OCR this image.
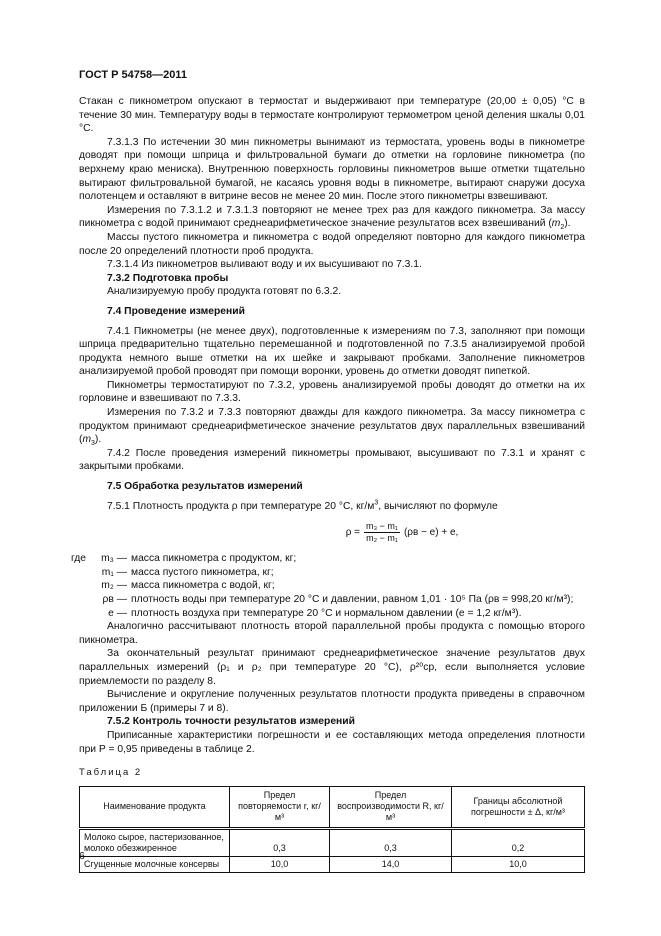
ГОСТ Р 54758—2011

Стакан с пикнометром опускают в термостат и выдерживают при температуре (20,00 ± 0,05) °С в течение 30 мин. Температуру воды в термостате контролируют термометром ценой деления шкалы 0,01 °С.

7.3.1.3 По истечении 30 мин пикнометры вынимают из термостата, уровень воды в пикнометре доводят при помощи шприца и фильтровальной бумаги до отметки на горловине пикнометра (по верхнему краю мениска). Внутреннюю поверхность горловины пикнометров выше отметки тщательно вытирают фильтровальной бумагой, не касаясь уровня воды в пикнометре, вытирают снаружи досуха полотенцем и оставляют в витрине весов не менее 20 мин. После этого пикнометры взвешивают.

Измерения по 7.3.1.2 и 7.3.1.3 повторяют не менее трех раз для каждого пикнометра. За массу пикнометра с водой принимают среднеарифметическое значение результатов всех взвешиваний $(m_2)$.

Массы пустого пикнометра и пикнометра с водой определяют повторно для каждого пикнометра после 20 определений плотности проб продукта.

7.3.1.4 Из пикнометров выливают воду и их высушивают по 7.3.1.

7.3.2 Подготовка пробы

Анализируемую пробу продукта готовят по 6.3.2.

7.4 Проведение измерений

7.4.1 Пикнометры (не менее двух), подготовленные к измерениям по 7.3, заполняют при помощи шприца предварительно тщательно перемешанной и подготовленной по 7.3.5 анализируемой пробой продукта немного выше отметки на их шейке и закрывают пробками. Заполнение пикнометров анализируемой пробой проводят при помощи воронки, уровень до отметки доводят пипеткой.

Пикнометры термостатируют по 7.3.2, уровень анализируемой пробы доводят до отметки на их горловине и взвешивают по 7.3.3.

Измерения по 7.3.2 и 7.3.3 повторяют дважды для каждого пикнометра. За массу пикнометра с продуктом принимают среднеарифметическое значение результатов двух параллельных взвешиваний $(m_3)$.

7.4.2 После проведения измерений пикнометры промывают, высушивают по 7.3.1 и хранят с закрытыми пробками.

7.5 Обработка результатов измерений

7.5.1 Плотность продукта ρ при температуре 20 °С, $кг/м^3$, вычисляют по формуле

$\rho = \frac{\text{m₃ − m₁}}{\text{m₂ − m₁}} (\rho в - e) + e$,
где m₃ — масса пикнометра с продуктом, кг;
m₁ — масса пустого пикнометра, кг;
m₂ — масса пикнометра с водой, кг;
ρв — плотность воды при температуре 20 °С и давлении, равном 1,01 · 10⁵ Па (ρв = 998,20 кг/м³);
e — плотность воздуха при температуре 20 °С и нормальном давлении (e = 1,2 кг/м³).

Аналогично рассчитывают плотность второй параллельной пробы продукта с помощью второго пикнометра.

За окончательный результат принимают среднеарифметическое значение результатов двух параллельных измерений (ρ₁ и ρ₂ при температуре 20 °С), ρ²⁰ср, если выполняется условие приемлемости по разделу 8.

Вычисление и округление полученных результатов плотности продукта приведены в справочном приложении Б (примеры 7 и 8).

7.5.2 Контроль точности результатов измерений

Приписанные характеристики погрешности и ее составляющих метода определения плотности при P = 0,95 приведены в таблице 2.

Таблица 2
Наименование продукта	Предел повторяемости r, кг/м³	Предел воспроизводимости R, кг/м³	Границы абсолютной погрешности ± Δ, кг/м³
Молоко сырое, пастеризованное, молоко обезжиренное	0,3	0,3	0,2
Сгущенные молочные консервы	10,0	14,0	10,0
6
